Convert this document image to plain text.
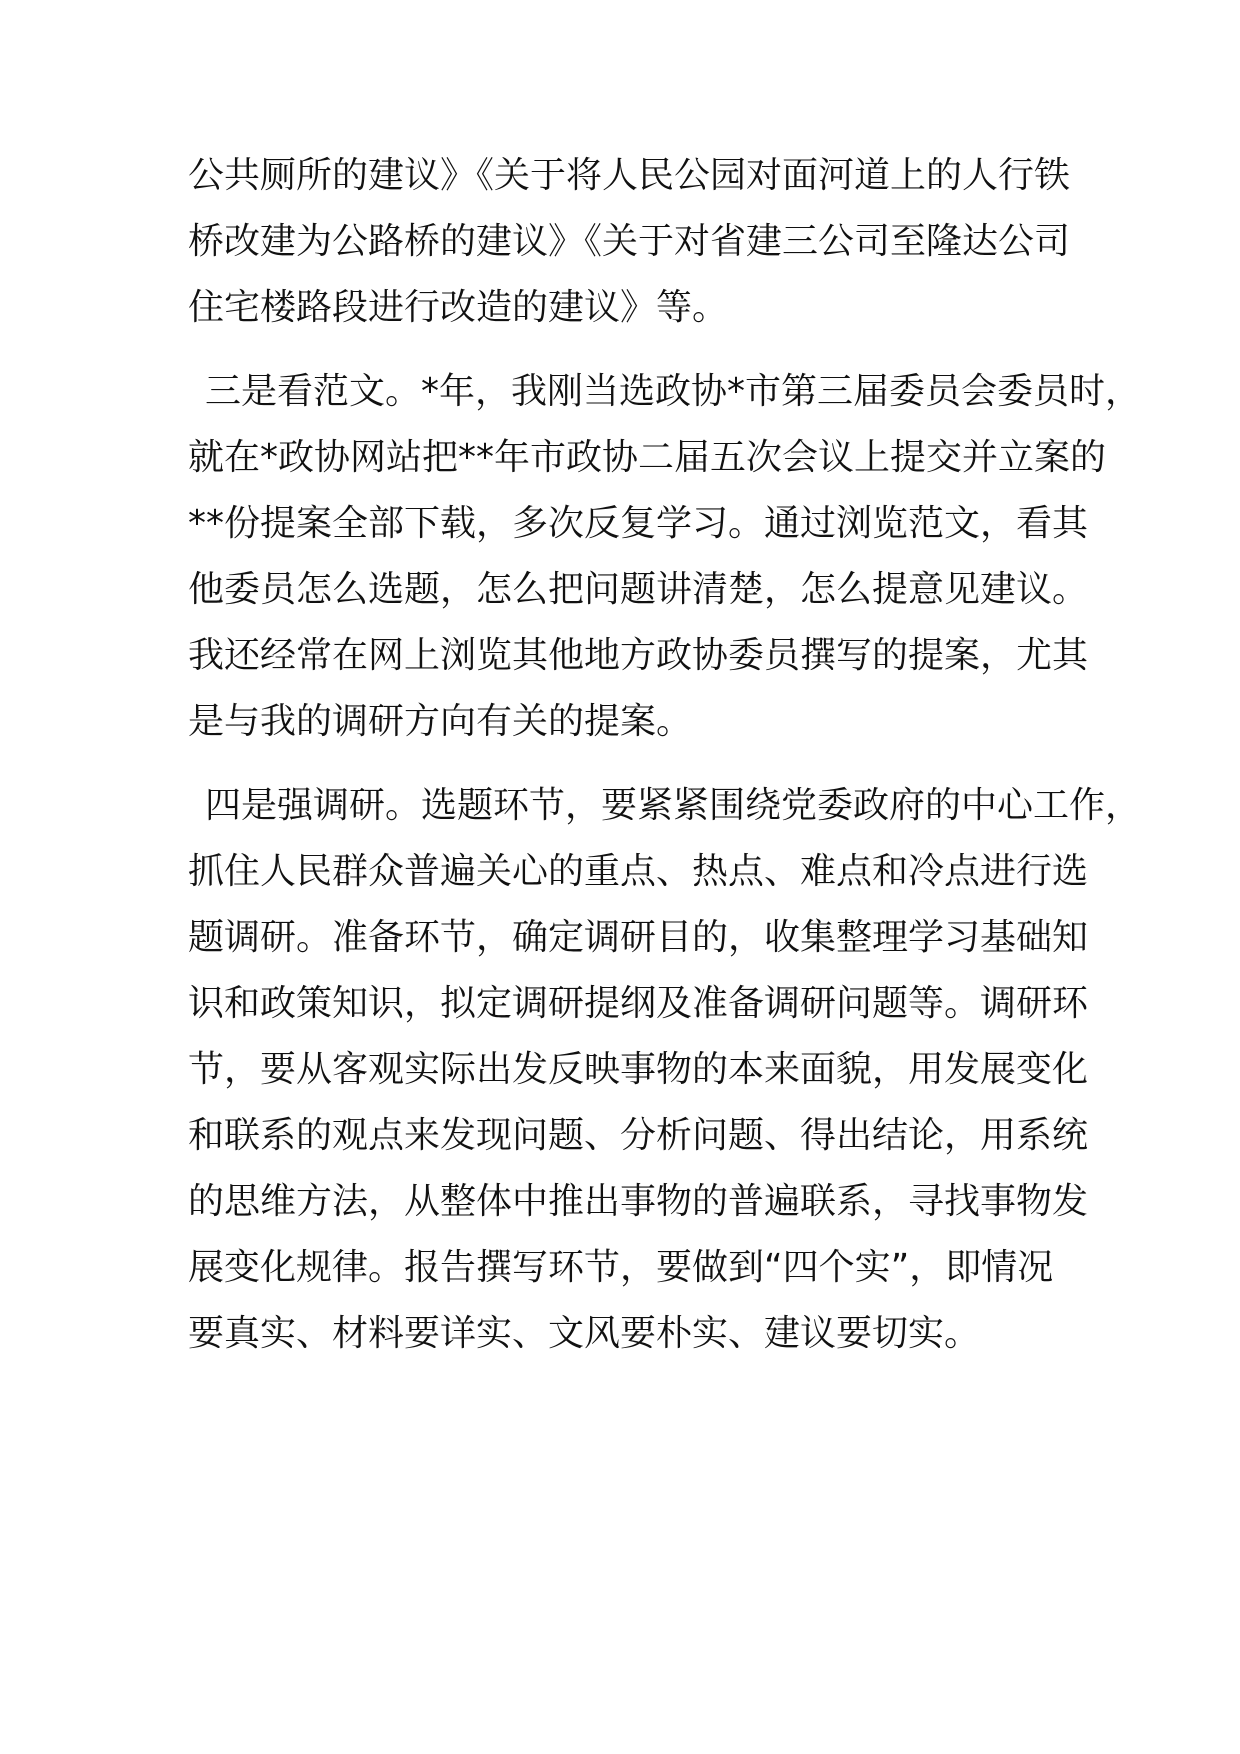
公共厕所的建议》《关于将人民公园对面河道上的人行铁

桥改建为公路桥的建议》《关于对省建三公司至隆达公司

住宅楼路段进行改造的建议》等。

三是看范文。*年，我刚当选政协*市第三届委员会委员时，

就在*政协网站把**年市政协二届五次会议上提交并立案的

**份提案全部下载，多次反复学习。通过浏览范文，看其

他委员怎么选题，怎么把问题讲清楚，怎么提意见建议。

我还经常在网上浏览其他地方政协委员撰写的提案，尤其

是与我的调研方向有关的提案。

四是强调研。选题环节，要紧紧围绕党委政府的中心工作，

抓住人民群众普遍关心的重点、热点、难点和冷点进行选

题调研。准备环节，确定调研目的，收集整理学习基础知

识和政策知识，拟定调研提纲及准备调研问题等。调研环

节，要从客观实际出发反映事物的本来面貌，用发展变化

和联系的观点来发现问题、分析问题、得出结论，用系统

的思维方法，从整体中推出事物的普遍联系，寻找事物发

展变化规律。报告撰写环节，要做到“四个实”，即情况

要真实、材料要详实、文风要朴实、建议要切实。
